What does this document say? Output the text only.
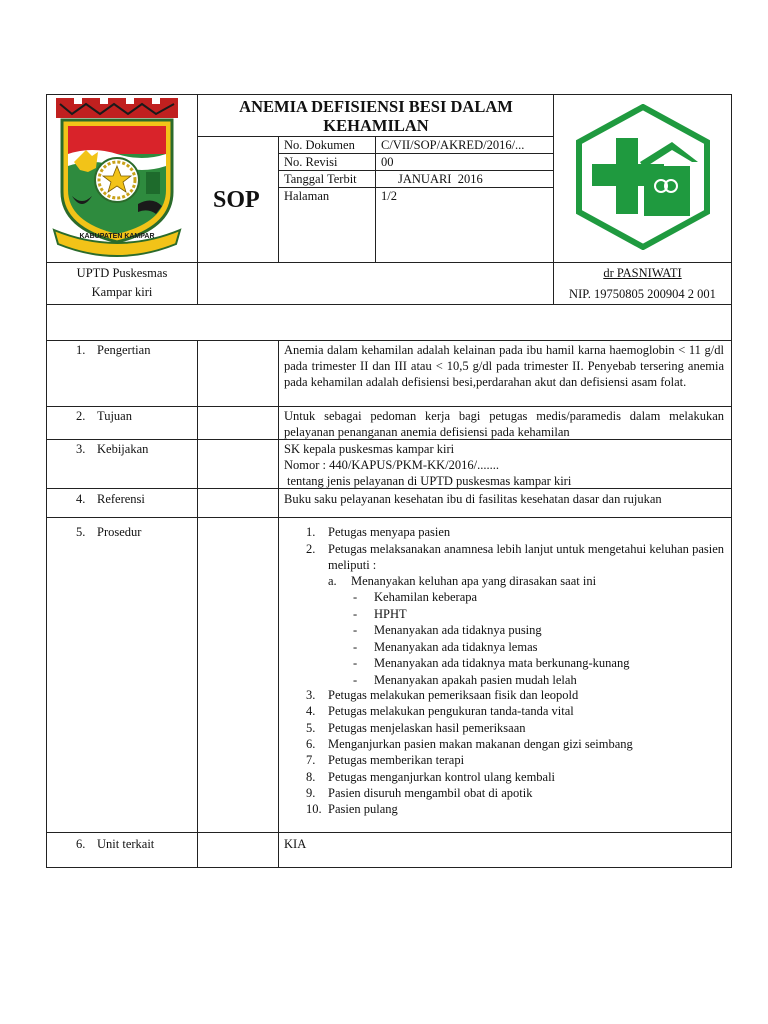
KABUPATEN KAMPAR
ANEMIA DEFISIENSI BESI DALAM
KEHAMILAN
SOP
No. Dokumen C/VII/SOP/AKRED/2016/...
No. Revisi	00
Tanggal Terbit	JANUARI  2016
Halaman	1/2
UPTD Puskesmas
Kampar kiri
dr PASNIWATI
NIP. 19750805 200904 2 001
1. Pengertian	Anemia dalam kehamilan adalah kelainan pada ibu hamil karna haemoglobin < 11 g/dl pada trimester II dan III atau < 10,5 g/dl pada trimester II. Penyebab tersering anemia pada kehamilan adalah defisiensi besi,perdarahan akut dan defisiensi asam folat.
2. Tujuan	Untuk sebagai pedoman kerja bagi petugas medis/paramedis dalam melakukan pelayanan penanganan anemia defisiensi pada kehamilan
3. Kebijakan	SK kepala puskesmas kampar kiri
Nomor : 440/KAPUS/PKM-KK/2016/.......
tentang jenis pelayanan di UPTD puskesmas kampar kiri
4. Referensi	Buku saku pelayanan kesehatan ibu di fasilitas kesehatan dasar dan rujukan
5. Prosedur	1. Petugas menyapa pasien
2. Petugas melaksanakan anamnesa lebih lanjut untuk mengetahui keluhan pasien meliputi :
a. Menanyakan keluhan apa yang dirasakan saat ini
- Kehamilan keberapa
- HPHT
- Menanyakan ada tidaknya pusing
- Menanyakan ada tidaknya lemas
- Menanyakan ada tidaknya mata berkunang-kunang
- Menanyakan apakah pasien mudah lelah
3. Petugas melakukan pemeriksaan fisik dan leopold
4. Petugas melakukan pengukuran tanda-tanda vital
5. Petugas menjelaskan hasil pemeriksaan
6. Menganjurkan pasien makan makanan dengan gizi seimbang
7. Petugas memberikan terapi
8. Petugas menganjurkan kontrol ulang kembali
9. Pasien disuruh mengambil obat di apotik
10. Pasien pulang
6. Unit terkait	KIA
